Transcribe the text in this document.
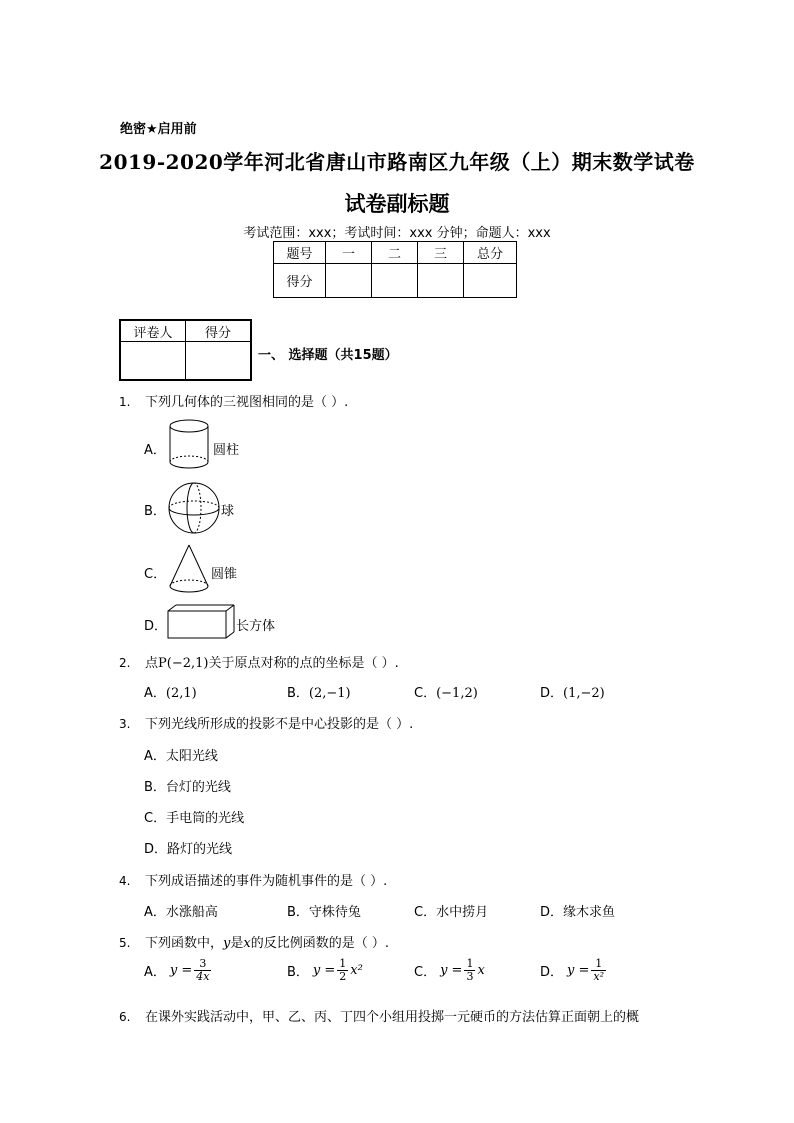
绝密★启用前
2019-2020学年河北省唐山市路南区九年级（上）期末数学试卷
试卷副标题
考试范围：xxx；考试时间：xxx 分钟；命题人：xxx
题号	一	二	三	总分
得分				
评卷人	得分

一、 选择题（共15题）
1. 下列几何体的三视图相同的是（ ）.
A．	圆柱
B．	球
C．	圆锥
D．	长方体
2. 点P(−2,1)关于原点对称的点的坐标是（ ）.
A．(2,1)	B．(2,−1)	C．(−1,2)	D．(1,−2)
3. 下列光线所形成的投影不是中心投影的是（ ）.
A．太阳光线
B．台灯的光线
C．手电筒的光线
D．路灯的光线
4. 下列成语描述的事件为随机事件的是（ ）.
A．水涨船高	B．守株待兔	C．水中捞月	D．缘木求鱼
5. 下列函数中，y是x的反比例函数的是（ ）.
A． $y = \frac{3}{4x}$	B． $y = \frac{1}{2} x^2$	C． $y = \frac{1}{3}$ x	D． $y = \frac{1}{\text{x²}}$
6. 在课外实践活动中，甲、乙、丙、丁四个小组用投掷一元硬币的方法估算正面朝上的概
